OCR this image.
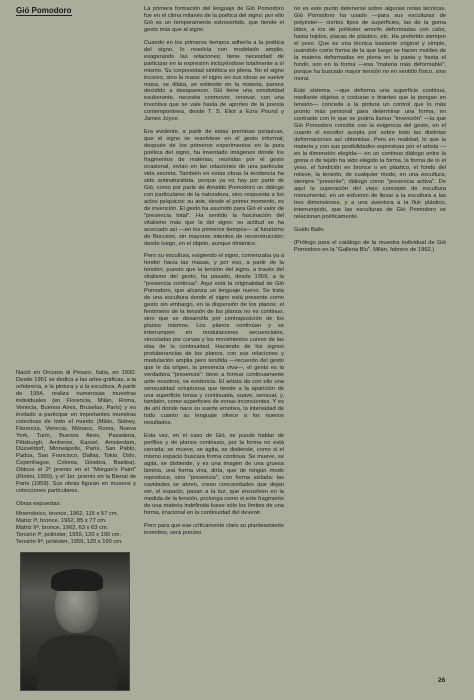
Gió Pomodoro

Nació en Orciano di Pesaro, Italia, en 1930. Desde 1951 se dedica a las artes gráficas, a la orfebrería, a la pintura y a la escultura. A partir de 1954, realiza numerosas muestras individuales (en Florencia, Milán, Roma, Venecia, Buenos Aires, Bruselas, París) y es invitado a participar en importantes muestras colectivas de todo el mundo (Milán, Sidney, Florencia, Venecia, Mónaco, Roma, Nueva York, Turín, Buenos Aires, Pasadena, Pittsburgh, Amberes, Kassel, Amsterdam, Düsseldorf, Minneápolis, París, San Pablo, Padua, San Francisco, Dallas, Tokio, Oslo, Copenhague, Colonia, Ginebra, Basilea). Obtuvo el 2º premio en el "Morgan's Paint" (Rimini, 1959), y el 1er. premio en la Bienal de París (1959). Sus obras figuran en museos y colecciones particulares.

Obras expuestas:

Mnemónico, bronce, 1962, 115 x 57 cm.

Matriz Iª, bronce, 1962, 85 x 77 cm.

Matriz IIª, bronce, 1962, 63 x 63 cm.

Tensión Iª, poliéster, 1959, 120 x 190 cm.

Tensión IIª, poliéster, 1959, 120 x 190 cm.

La primera formación del lenguaje de Gió Pomodoro fue en el clima milanés de la poética del signo; por ello Gió es un temperamento extrovertido, que tiende el gesto más que al signo.

Cuando en los primeros tiempos adhería a la poética del signo, lo resolvía con modelado amplio, exagerando las relaciones; tiene necesidad de participar en la expresión incluyéndose totalmente a sí mismo. Su corporeidad sintética es plena. No el signo incisivo, sino la masa: el signo en sus obras se vuelve masa, se dilata, se extiende en la materia, parece decidido a desaparecer. Gió tiene una emotividad exuberante, necesita conmover, renovar, con una inventiva que se vale hasta de aportes de la poesía contemporánea, desde T. S. Eliot a Ezra Pound y James Joyce.

Era evidente, a partir de estas premisas psíquicas, que el signo se resolviese en el gesto informal; después de los primeros experimentos en la pura poética del signo, ha inventado imágenes donde los fragmentos de materias, reunidas por el gesto ocasional, vivían en las relaciones de una particular vida secreta. También en estas obras la tendencia ha sido antinaturalista, porque ya no hay por parte de Gió, como por parte de Arnaldo Pomodoro un diálogo con particulares de la naturaleza, sino respuesta a los actos psíquicos: su arte, desde el primer momento, es de invención. El gesto ha asumido para Gió el valor de "presencia total". Ha sentido la fascinación del vitalismo más que la del signo: su actitud se ha acercado así —en los primeros tiempos— al futurismo de Boccioni, sin mayores intentos de reconstrucción; desde luego, en el objeto, aunque dinámico.

Pero su escultura, exigiendo el signo, comenzaba ya a tender hacia las masas, y por eso, a partir de la tensión, puesto que la tensión del signo, a través del vitalismo del gesto, ha pasado, desde 1959, a la "presencia continua". Aquí está la originalidad de Gió Pomodoro, que alcanza un lenguaje nuevo. Se trata de una escultura donde el signo está presente como gesto sin embargo, en la dispersión de los planos; el fenómeno de la tensión de los planos no es continuo, sino que se desarrolla por contraposición de los planos mismos. Los planos continúan y se interrumpen en modulaciones secuenciales, vinculadas por curvas y los movimientos curvos de las olas de la continuidad. Haciendo de los signos protuberancias de los planos, con sus relaciones y modulación amplia pero tendida —recuerdo del gesto que le da origen, la presencia viva—, el gesto es la verdadera "presencia": tiene a formar continuamente ante nosotros, se evidencia. El artista da con ello una sensualidad voluptuosa que tiende a la aparición de una superficie tensa y continuada, suave, sensual, y, también, como superficies de zonas inconcientes. Y es de ahí donde nace su suerte emotiva, la intensidad de todo cuanto su lenguaje ofrece a los nuevos resultados.

Esta vez, en el caso de Gió, se puede hablar de perfiles y de planos continuos, por la forma no está cerrada; se mueve, se agita, se distiende, como si el mismo espacio buscara forma continua. Se mueve, se agita, se distiende, y es una imagen de una gruesa lámina, una forma viva, diría, que de ningún modo reproduce, sino "presencia", con forma aislada: las cavidades se abren, crean concavidades que dejan ver, el espacio, pasan a la luz, que envuelven en la medida de la tensión, prolonga como si este fragmento de una materia indefinida fuese sólo los límites de una forma, irracional en la continuidad del devenir.

Pero para que ese críticamente claro su planteamiento inventivo, será preciso

no es este punto detenerse sobre algunas notas técnicas. Gió Pomodoro ha usado —para sus esculturas de polyéster— ciertos tipos de superficies, las de la goma látex, a los de poliéster amorfo deformadas con calor, hasta tejidos, placas de plástico, etc. Ha preferido siempre el yeso. Que es una técnica bastante original y simple, usándolo como forma de la que luego se hacen moldes de la materia deformadas en plena en la pasta y hasta el fundir, son en la forma —esa "materia más deformable", porque ha buscado mayor tensión no en sentido físico, sino moral.

Este sistema —que deforma una superficie continua, mediante objetos o costuras o tirantes que la pongan en tensión— concede a la pintura un control que lo más pronto más personal para determinar una forma, en contraste con lo que se podría llamar "invención" —la que Gió Pomodoro concibe con la exigencia del gesto, en el cuanto el escultor acepta por sobre todo las distintas deformaciones así obtenidas. Pero en realidad, lo que la materia y con sus posibilidades expresivas por el artista —en la dimensión elegida— en un continuo diálogo entre la goma o de tejido ha sido elegido la forma, la forma de lo el yeso, el fundición en bronce o en plástico, el fondo del relieve, la tensión, de cualquier modo, en una escultura, siempre "presente"; diálogo como "presencia activa". De aquí la superación del viejo concepto de escultura monumental, en un esfuerzo de llevar a la escultura a las tres dimensiones, y a una aventura a la fluir plástico, interrumpido, que las esculturas de Gió Pomodoro se relacionan poéticamente.

Guido Ballo

(Prólogo para el catálogo de la muestra individual de Gió Pomodoro en la "Galleria Blu", Milán, febrero de 1962.)

26
